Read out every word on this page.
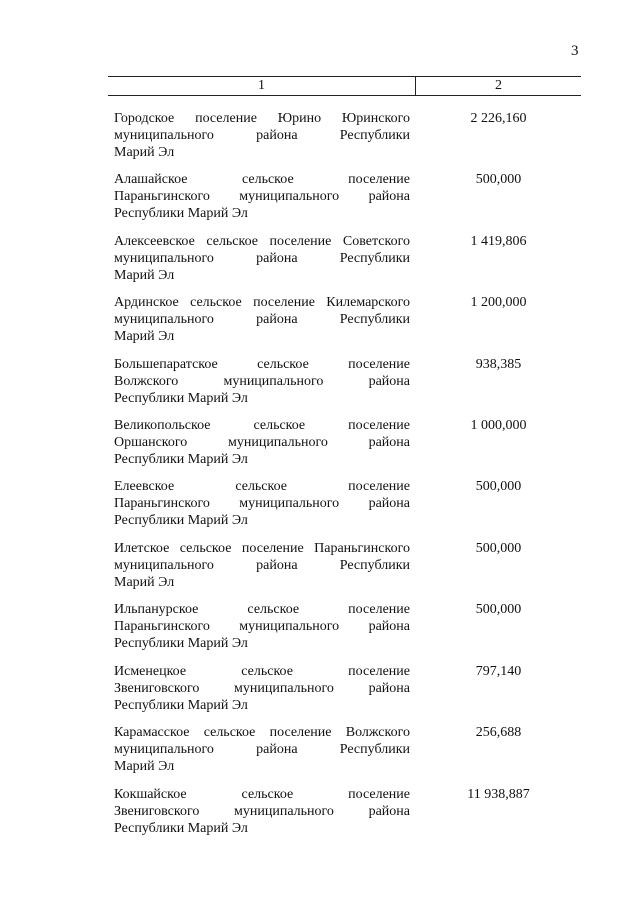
3
1	2
Городское поселение Юрино Юринского
муниципального района Республики
Марий Эл
2 226,160
Алашайское сельское поселение
Параньгинского муниципального района
Республики Марий Эл
500,000
Алексеевское сельское поселение Советского
муниципального района Республики
Марий Эл
1 419,806
Ардинское сельское поселение Килемарского
муниципального района Республики
Марий Эл
1 200,000
Большепаратское сельское поселение
Волжского муниципального района
Республики Марий Эл
938,385
Великопольское сельское поселение
Оршанского муниципального района
Республики Марий Эл
1 000,000
Елеевское сельское поселение
Параньгинского муниципального района
Республики Марий Эл
500,000
Илетское сельское поселение Параньгинского
муниципального района Республики
Марий Эл
500,000
Ильпанурское сельское поселение
Параньгинского муниципального района
Республики Марий Эл
500,000
Исменецкое сельское поселение
Звениговского муниципального района
Республики Марий Эл
797,140
Карамасское сельское поселение Волжского
муниципального района Республики
Марий Эл
256,688
Кокшайское сельское поселение
Звениговского муниципального района
Республики Марий Эл
11 938,887
